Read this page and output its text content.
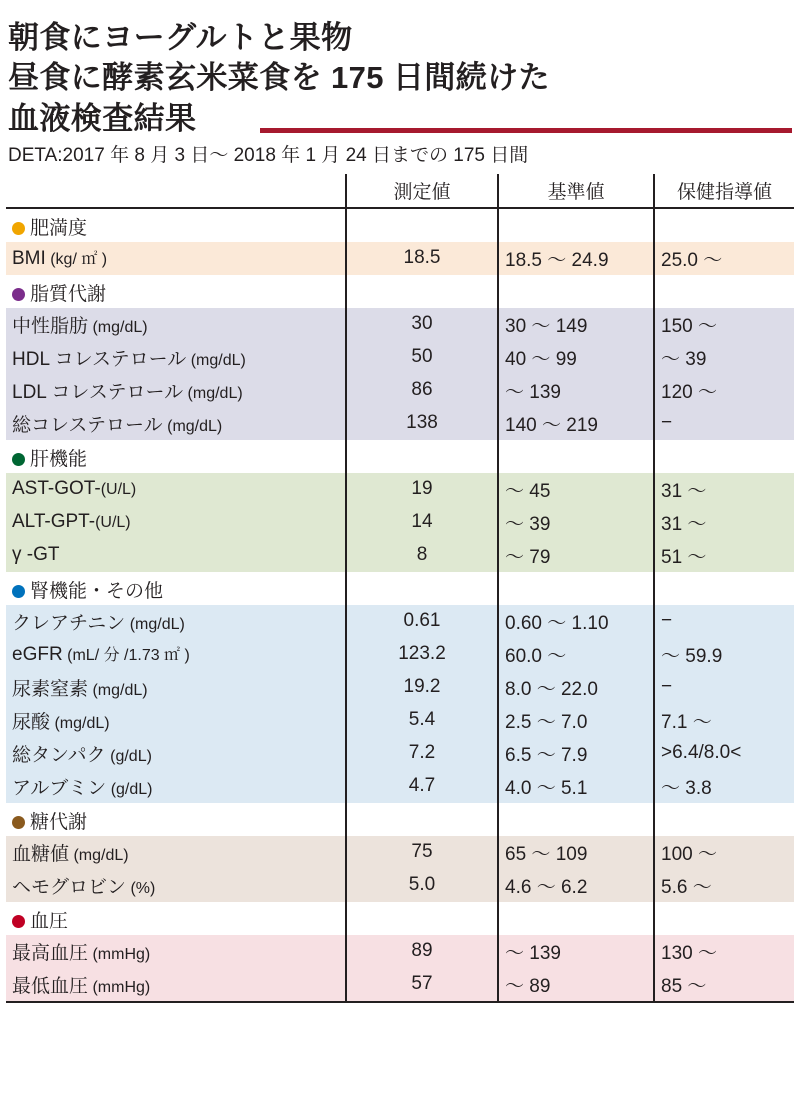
朝食にヨーグルトと果物
昼食に酵素玄米菜食を 175 日間続けた
血液検査結果
DETA:2017 年 8 月 3 日〜 2018 年 1 月 24 日までの 175 日間
	測定値	基準値	保健指導値
肥満度			
BMI (kg/ ㎡ )	18.5	18.5 〜 24.9	25.0 〜
脂質代謝			
中性脂肪 (mg/dL)	30	30 〜 149	150 〜
HDL コレステロール (mg/dL)	50	40 〜 99	〜 39
LDL コレステロール (mg/dL)	86	〜 139	120 〜
総コレステロール (mg/dL)	138	140 〜 219	−
肝機能			
AST-GOT-(U/L)	19	〜 45	31 〜
ALT-GPT-(U/L)	14	〜 39	31 〜
γ -GT	8	〜 79	51 〜
腎機能・その他			
クレアチニン (mg/dL)	0.61	0.60 〜 1.10	−
eGFR (mL/ 分 /1.73 ㎡ )	123.2	60.0 〜	〜 59.9
尿素窒素 (mg/dL)	19.2	8.0 〜 22.0	−
尿酸 (mg/dL)	5.4	2.5 〜 7.0	7.1 〜
総タンパク (g/dL)	7.2	6.5 〜 7.9	>6.4/8.0<
アルブミン (g/dL)	4.7	4.0 〜 5.1	〜 3.8
糖代謝			
血糖値 (mg/dL)	75	65 〜 109	100 〜
ヘモグロビン (%)	5.0	4.6 〜 6.2	5.6 〜
血圧			
最高血圧 (mmHg)	89	〜 139	130 〜
最低血圧 (mmHg)	57	〜 89	85 〜
